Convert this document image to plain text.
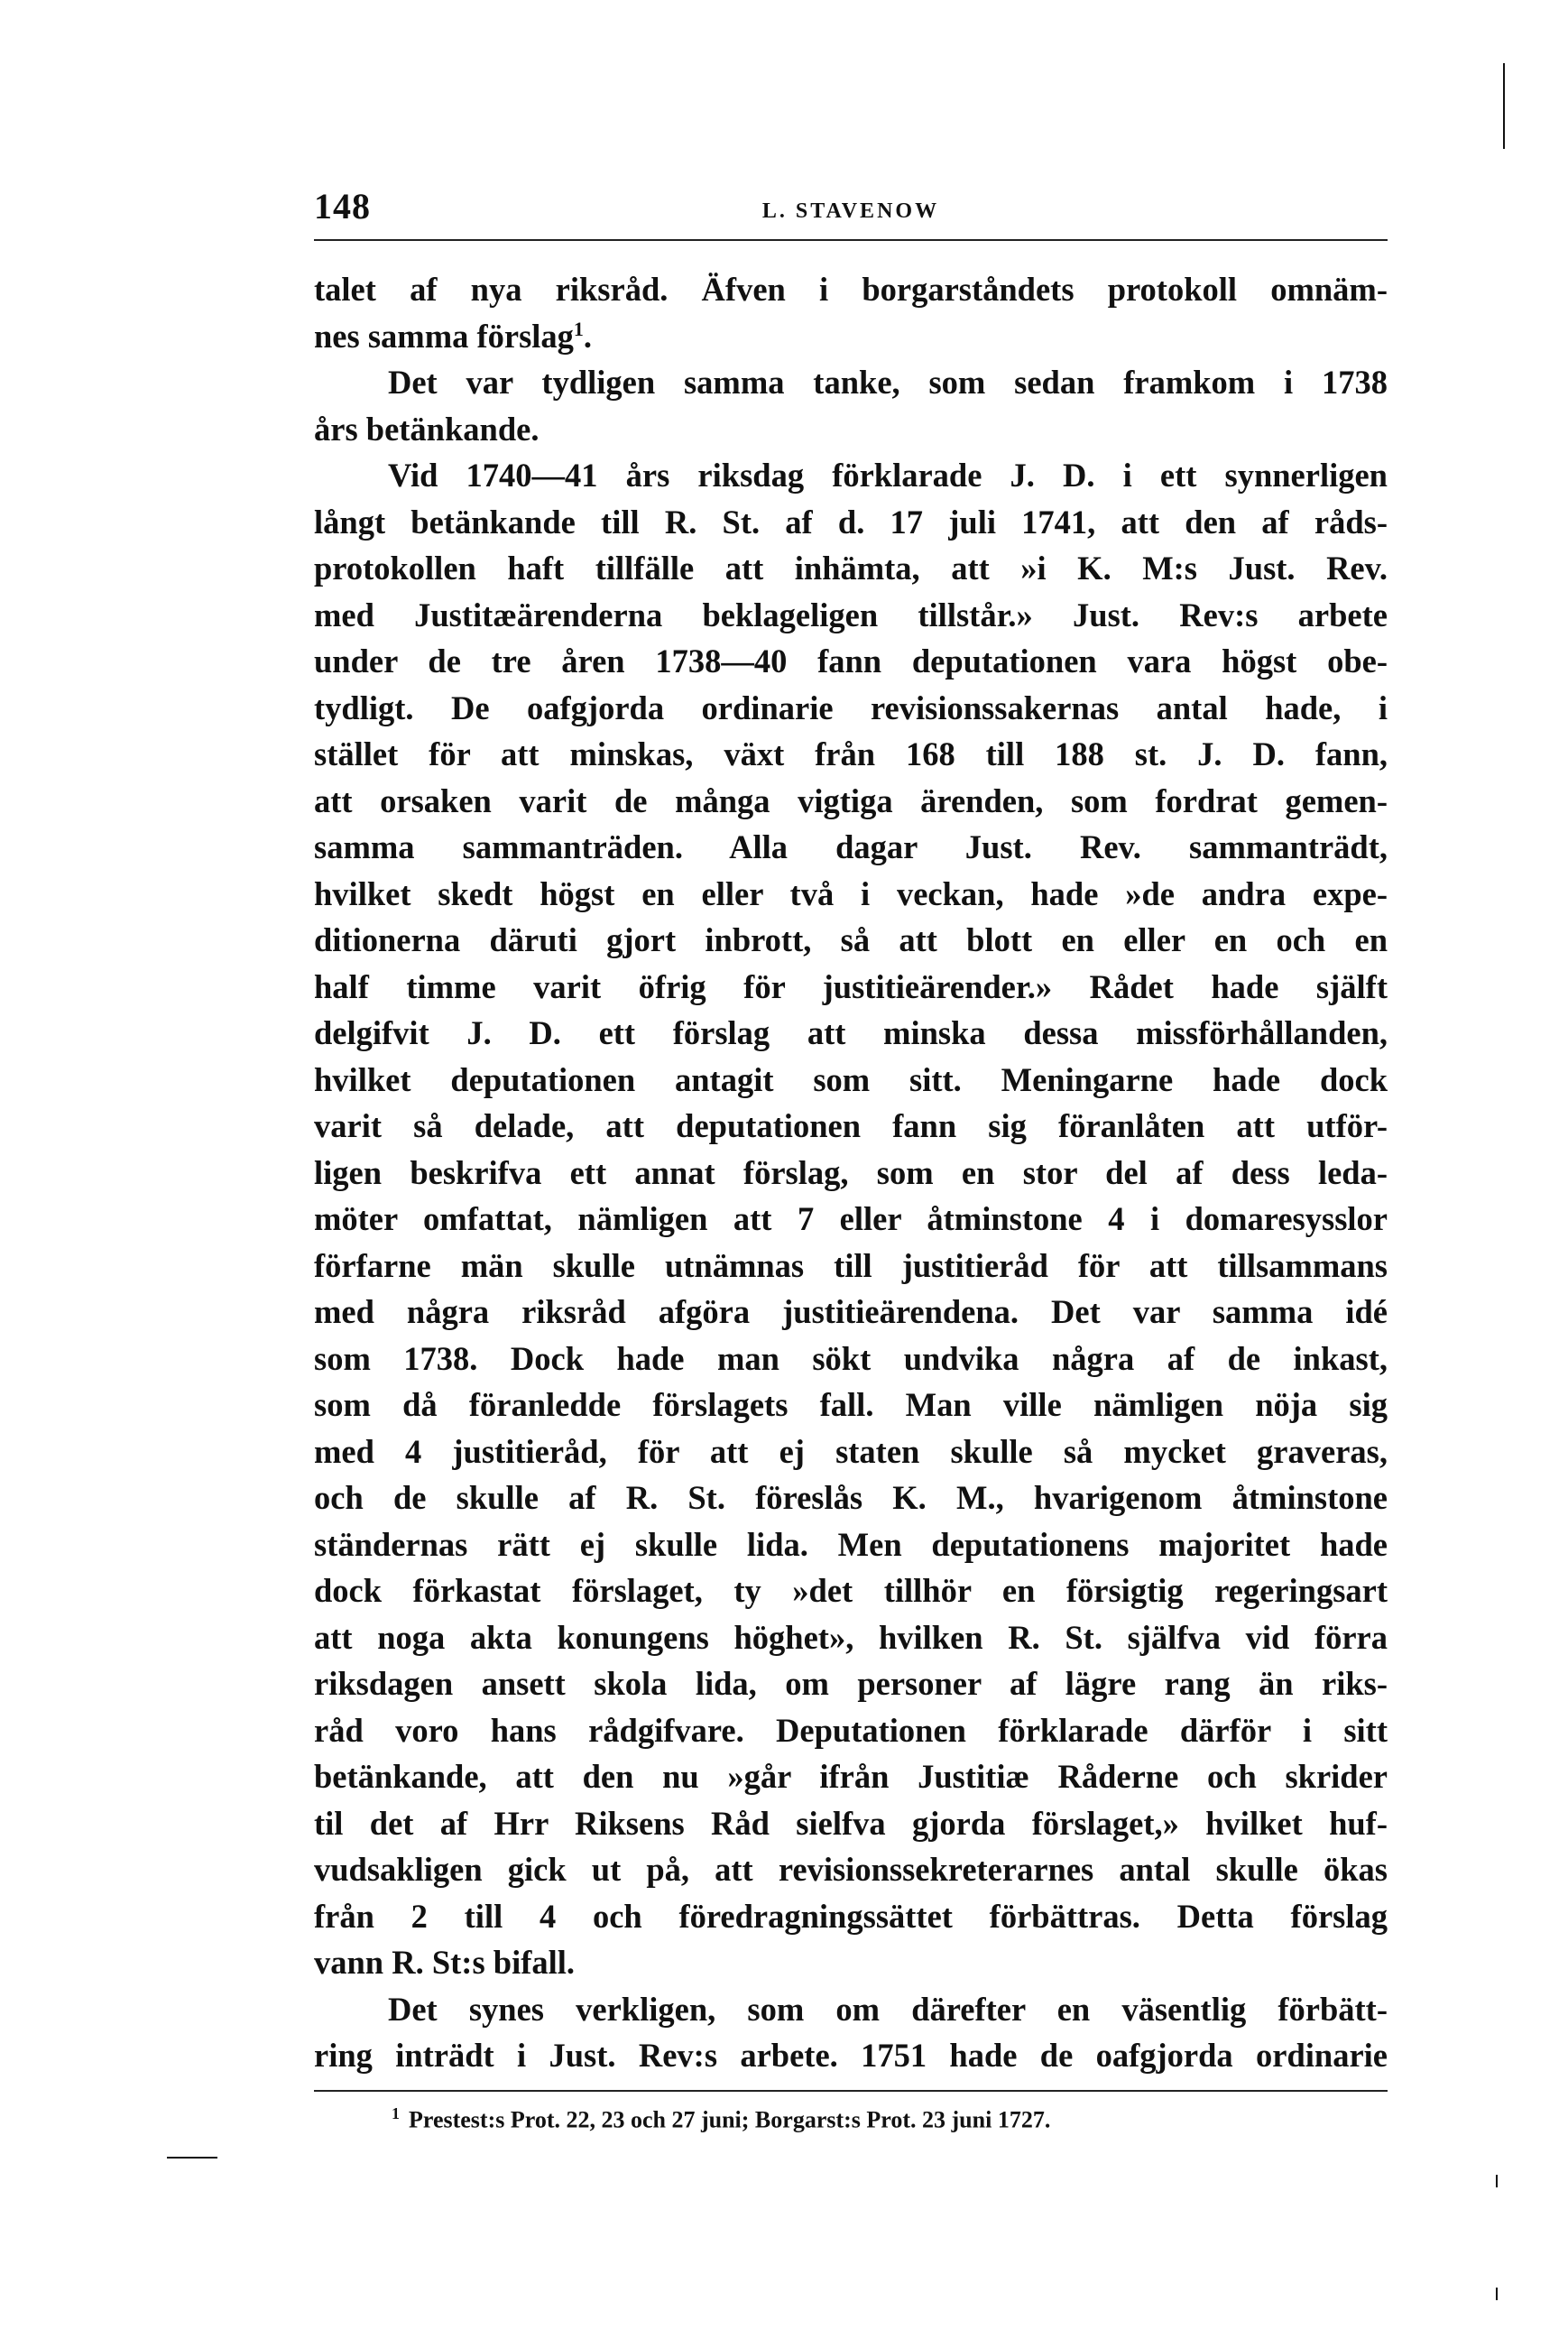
148	L. STAVENOW
talet af nya riksråd. Äfven i borgarståndets protokoll omnäm-
nes samma förslag$^1$.
Det var tydligen samma tanke, som sedan framkom i 1738
års betänkande.
Vid 1740—41 års riksdag förklarade J. D. i ett synnerligen
långt betänkande till R. St. af d. 17 juli 1741, att den af råds-
protokollen haft tillfälle att inhämta, att »i K. M:s Just. Rev.
med Justitæärenderna beklageligen tillstår.» Just. Rev:s arbete
under de tre åren 1738—40 fann deputationen vara högst obe-
tydligt. De oafgjorda ordinarie revisionssakernas antal hade, i
stället för att minskas, växt från 168 till 188 st. J. D. fann,
att orsaken varit de många vigtiga ärenden, som fordrat gemen-
samma sammanträden. Alla dagar Just. Rev. sammanträdt,
hvilket skedt högst en eller två i veckan, hade »de andra expe-
ditionerna däruti gjort inbrott, så att blott en eller en och en
half timme varit öfrig för justitieärender.» Rådet hade själft
delgifvit J. D. ett förslag att minska dessa missförhållanden,
hvilket deputationen antagit som sitt. Meningarne hade dock
varit så delade, att deputationen fann sig föranlåten att utför-
ligen beskrifva ett annat förslag, som en stor del af dess leda-
möter omfattat, nämligen att 7 eller åtminstone 4 i domaresysslor
förfarne män skulle utnämnas till justitieråd för att tillsammans
med några riksråd afgöra justitieärendena. Det var samma idé
som 1738. Dock hade man sökt undvika några af de inkast,
som då föranledde förslagets fall. Man ville nämligen nöja sig
med 4 justitieråd, för att ej staten skulle så mycket graveras,
och de skulle af R. St. föreslås K. M., hvarigenom åtminstone
ständernas rätt ej skulle lida. Men deputationens majoritet hade
dock förkastat förslaget, ty »det tillhör en försigtig regeringsart
att noga akta konungens höghet», hvilken R. St. själfva vid förra
riksdagen ansett skola lida, om personer af lägre rang än riks-
råd voro hans rådgifvare. Deputationen förklarade därför i sitt
betänkande, att den nu »går ifrån Justitiæ Råderne och skrider
til det af Hrr Riksens Råd sielfva gjorda förslaget,» hvilket huf-
vudsakligen gick ut på, att revisionssekreterarnes antal skulle ökas
från 2 till 4 och föredragningssättet förbättras. Detta förslag
vann R. St:s bifall.
Det synes verkligen, som om därefter en väsentlig förbätt-
ring inträdt i Just. Rev:s arbete. 1751 hade de oafgjorda ordinarie
$^1$ Prestest:s Prot. 22, 23 och 27 juni; Borgarst:s Prot. 23 juni 1727.
